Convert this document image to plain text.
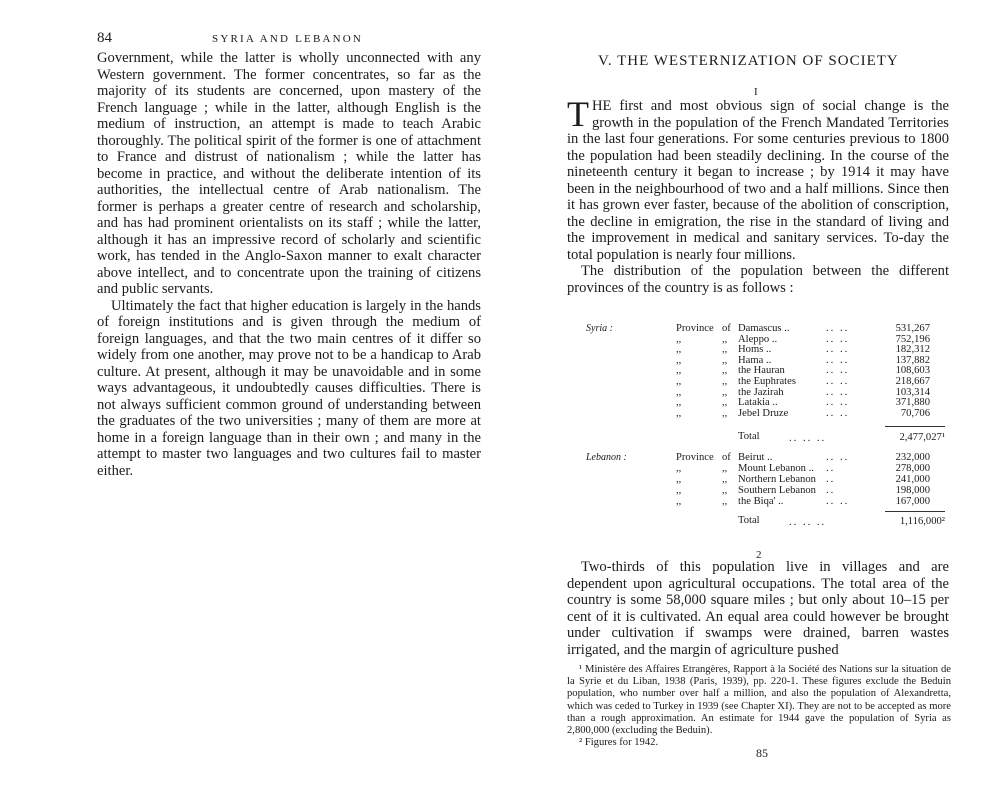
84	SYRIA AND LEBANON

Government, while the latter is wholly unconnected with any Western government. The former concentrates, so far as the majority of its students are concerned, upon mastery of the French language ; while in the latter, although English is the medium of instruction, an attempt is made to teach Arabic thoroughly. The political spirit of the former is one of attachment to France and distrust of nationalism ; while the latter has become in practice, and without the deliberate intention of its authorities, the intellectual centre of Arab nationalism. The former is perhaps a greater centre of research and scholarship, and has had prominent orientalists on its staff ; while the latter, although it has an impressive record of scholarly and scientific work, has tended in the Anglo-Saxon manner to exalt character above intellect, and to concentrate upon the training of citizens and public servants.

Ultimately the fact that higher education is largely in the hands of foreign institutions and is given through the medium of foreign languages, and that the two main centres of it differ so widely from one another, may prove not to be a handicap to Arab culture. At present, although it may be unavoidable and in some ways advantageous, it undoubtedly causes difficulties. There is not always sufficient common ground of understanding between the graduates of the two universities ; many of them are more at home in a foreign language than in their own ; and many in the attempt to master two languages and two cultures fail to master either.

V. THE WESTERNIZATION OF SOCIETY
I

THE first and most obvious sign of social change is the growth in the population of the French Mandated Territories in the last four generations. For some centuries previous to 1800 the population had been steadily declining. In the course of the nineteenth century it began to increase ; by 1914 it may have been in the neighbourhood of two and a half millions. Since then it has grown ever faster, because of the abolition of conscription, the decline in emigration, the rise in the standard of living and the improvement in medical and sanitary services. To-day the total population is nearly four millions.

The distribution of the population between the different provinces of the country is as follows :

Syria :	Province of Damascus ..	.. ..	531,267
,,	,, Aleppo ..	.. ..	752,196
,,	,, Homs ..	.. ..	182,312
,,	,, Hama ..	.. ..	137,882
,,	,, the Hauran	.. ..	108,603
,,	,, the Euphrates	.. ..	218,667
,,	,, the Jazirah	.. ..	103,314
,,	,, Latakia ..	.. ..	371,880
,,	,, Jebel Druze	.. ..	70,706
Total	.. .. ..	2,477,027¹
Lebanon :	Province of Beirut ..	.. ..	232,000
,,	,, Mount Lebanon .. ..	278,000
,,	,, Northern Lebanon ..	241,000
,,	,, Southern Lebanon ..	198,000
,,	,, the Biqa' ..	.. ..	167,000
Total	.. .. ..	1,116,000²
2

Two-thirds of this population live in villages and are dependent upon agricultural occupations. The total area of the country is some 58,000 square miles ; but only about 10–15 per cent of it is cultivated. An equal area could however be brought under cultivation if swamps were drained, barren wastes irrigated, and the margin of agriculture pushed

¹ Ministère des Affaires Etrangères, Rapport à la Société des Nations sur la situation de la Syrie et du Liban, 1938 (Paris, 1939), pp. 220-1. These figures exclude the Beduin population, who number over half a million, and also the population of Alexandretta, which was ceded to Turkey in 1939 (see Chapter XI). They are not to be accepted as more than a rough approximation. An estimate for 1944 gave the population of Syria as 2,800,000 (excluding the Beduin).

² Figures for 1942.

85
